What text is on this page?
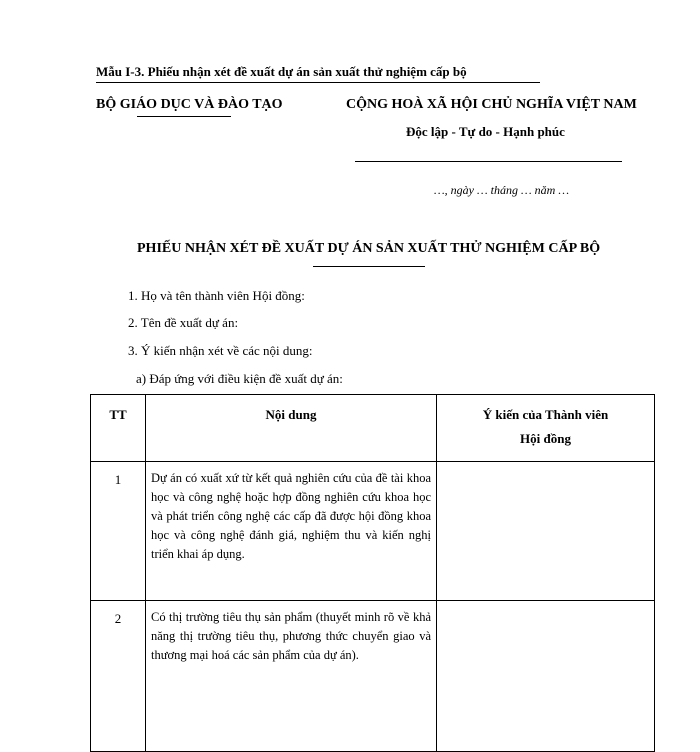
Mẫu I-3. Phiếu nhận xét đề xuất dự án sản xuất thử nghiệm cấp bộ
BỘ GIÁO DỤC VÀ ĐÀO TẠO	CỘNG HOÀ XÃ HỘI CHỦ NGHĨA VIỆT NAM
Độc lập - Tự do - Hạnh phúc
…, ngày … tháng … năm …
PHIẾU NHẬN XÉT ĐỀ XUẤT DỰ ÁN SẢN XUẤT THỬ NGHIỆM CẤP BỘ
1. Họ và tên thành viên Hội đồng:
2. Tên đề xuất dự án:
3. Ý kiến nhận xét về các nội dung:
a) Đáp ứng với điều kiện đề xuất dự án:
TT	Nội dung	Ý kiến của Thành viên
Hội đồng

1	Dự án có xuất xứ từ kết quả nghiên cứu của đề tài khoa học và công nghệ hoặc hợp đồng nghiên cứu khoa học và phát triển công nghệ các cấp đã được hội đồng khoa học và công nghệ đánh giá, nghiệm thu và kiến nghị triển khai áp dụng.	
2	Có thị trường tiêu thụ sản phẩm (thuyết minh rõ về khả năng thị trường tiêu thụ, phương thức chuyển giao và thương mại hoá các sản phẩm của dự án).	
